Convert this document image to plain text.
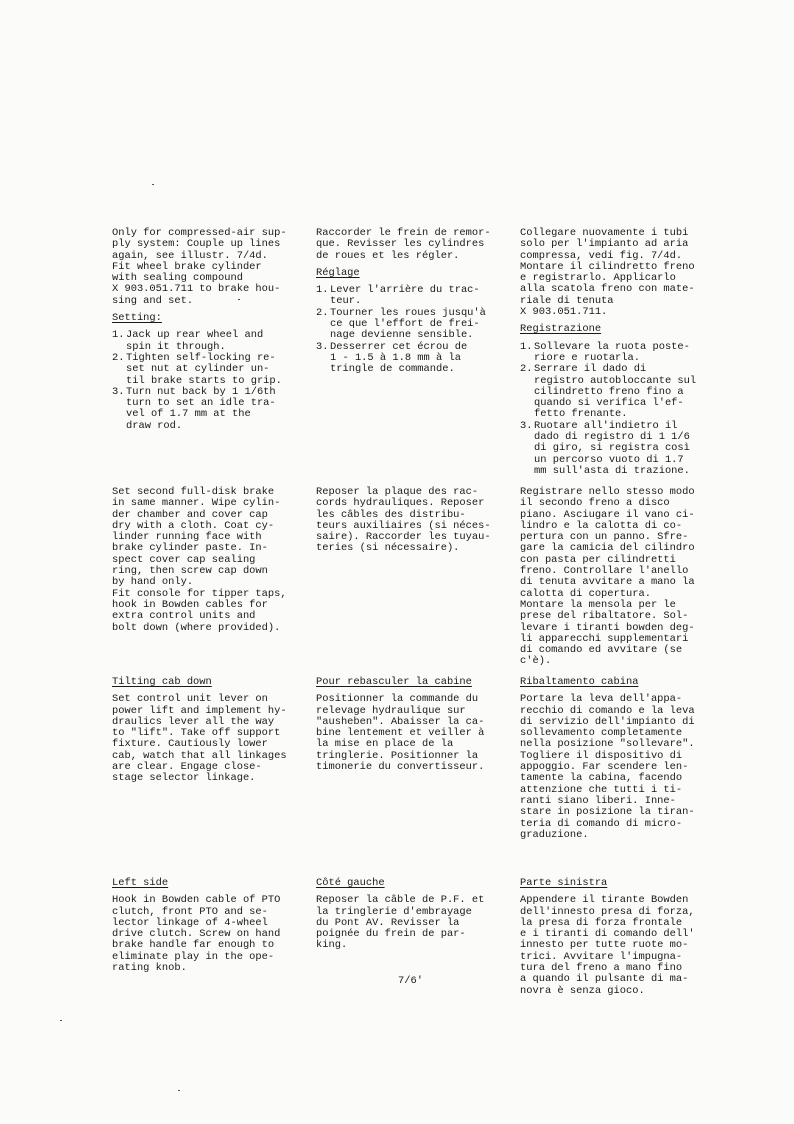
Only for compressed-air sup-
ply system: Couple up lines
again, see illustr. 7/4d.
Fit wheel brake cylinder
with sealing compound
X 903.051.711 to brake hou-
sing and set.

Setting:
1. Jack up rear wheel and
spin it through.
2. Tighten self-locking re-
set nut at cylinder un-
til brake starts to grip.
3. Turn nut back by 1 1/6th
turn to set an idle tra-
vel of 1.7 mm at the
draw rod.

Raccorder le frein de remor-
que. Revisser les cylindres
de roues et les régler.

Réglage
1. Lever l'arrière du trac-
teur.
2. Tourner les roues jusqu'à
ce que l'effort de frei-
nage devienne sensible.
3. Desserrer cet écrou de
1 - 1.5 à 1.8 mm à la
tringle de commande.

Collegare nuovamente i tubi
solo per l'impianto ad aria
compressa, vedi fig. 7/4d.
Montare il cilindretto freno
e registrarlo. Applicarlo
alla scatola freno con mate-
riale di tenuta
X 903.051.711.

Registrazione
1. Sollevare la ruota poste-
riore e ruotarla.
2. Serrare il dado di
registro autobloccante sul
cilindretto freno fino a
quando si verifica l'ef-
fetto frenante.
3. Ruotare all'indietro il
dado di registro di 1 1/6
di giro, si registra così
un percorso vuoto di 1.7
mm sull'asta di trazione.

Set second full-disk brake
in same manner. Wipe cylin-
der chamber and cover cap
dry with a cloth. Coat cy-
linder running face with
brake cylinder paste. In-
spect cover cap sealing
ring, then screw cap down
by hand only.
Fit console for tipper taps,
hook in Bowden cables for
extra control units and
bolt down (where provided).

Reposer la plaque des rac-
cords hydrauliques. Reposer
les câbles des distribu-
teurs auxiliaires (si néces-
saire). Raccorder les tuyau-
teries (si nécessaire).

Registrare nello stesso modo
il secondo freno a disco
piano. Asciugare il vano ci-
lindro e la calotta di co-
pertura con un panno. Sfre-
gare la camicia del cilindro
con pasta per cilindretti
freno. Controllare l'anello
di tenuta avvitare a mano la
calotta di copertura.
Montare la mensola per le
prese del ribaltatore. Sol-
levare i tiranti bowden deg-
li apparecchi supplementari
di comando ed avvitare (se
c'è).

Tilting cab down

Set control unit lever on
power lift and implement hy-
draulics lever all the way
to "lift". Take off support
fixture. Cautiously lower
cab, watch that all linkages
are clear. Engage close-
stage selector linkage.

Pour rebasculer la cabine

Positionner la commande du
relevage hydraulique sur
"ausheben". Abaisser la ca-
bine lentement et veiller à
la mise en place de la
tringlerie. Positionner la
timonerie du convertisseur.

Ribaltamento cabina

Portare la leva dell'appa-
recchio di comando e la leva
di servizio dell'impianto di
sollevamento completamente
nella posizione "sollevare".
Togliere il dispositivo di
appoggio. Far scendere len-
tamente la cabina, facendo
attenzione che tutti i ti-
ranti siano liberi. Inne-
stare in posizione la tiran-
teria di comando di micro-
graduzione.

Left side

Hook in Bowden cable of PTO
clutch, front PTO and se-
lector linkage of 4-wheel
drive clutch. Screw on hand
brake handle far enough to
eliminate play in the ope-
rating knob.

Côté gauche

Reposer la câble de P.F. et
la tringlerie d'embrayage
du Pont AV. Revisser la
poignée du frein de par-
king.

Parte sinistra

Appendere il tirante Bowden
dell'innesto presa di forza,
la presa di forza frontale
e i tiranti di comando dell'
innesto per tutte ruote mo-
trici. Avvitare l'impugna-
tura del freno a mano fino
a quando il pulsante di ma-
novra è senza gioco.

7/6'
